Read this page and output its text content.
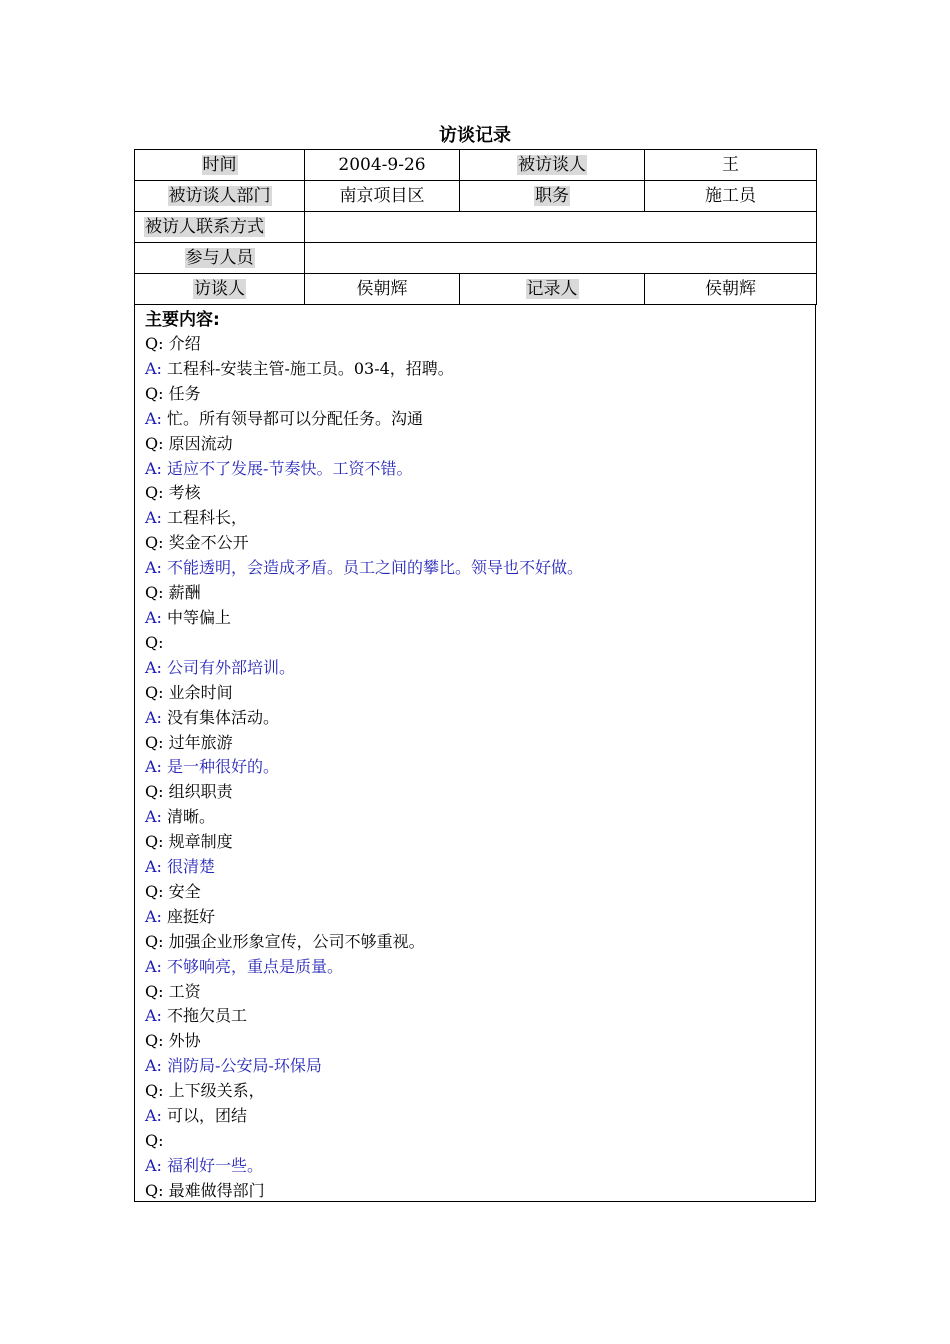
访谈记录
时间	2004-9-26	被访谈人	王
被访谈人部门	南京项目区	职务	施工员
被访人联系方式			
参与人员			
访谈人	侯朝辉	记录人	侯朝辉
主要内容:
Q: 介绍
A: 工程科-安装主管-施工员。03-4，招聘。
Q: 任务
A: 忙。所有领导都可以分配任务。沟通
Q: 原因流动
A: 适应不了发展-节奏快。工资不错。
Q: 考核
A: 工程科长，
Q: 奖金不公开
A: 不能透明，会造成矛盾。员工之间的攀比。领导也不好做。
Q: 薪酬
A: 中等偏上
Q:
A: 公司有外部培训。
Q: 业余时间
A: 没有集体活动。
Q: 过年旅游
A: 是一种很好的。
Q: 组织职责
A: 清晰。
Q: 规章制度
A: 很清楚
Q: 安全
A: 座挺好
Q: 加强企业形象宣传，公司不够重视。
A: 不够响亮，重点是质量。
Q: 工资
A: 不拖欠员工
Q: 外协
A: 消防局-公安局-环保局
Q: 上下级关系，
A: 可以，团结
Q:
A: 福利好一些。
Q: 最难做得部门
